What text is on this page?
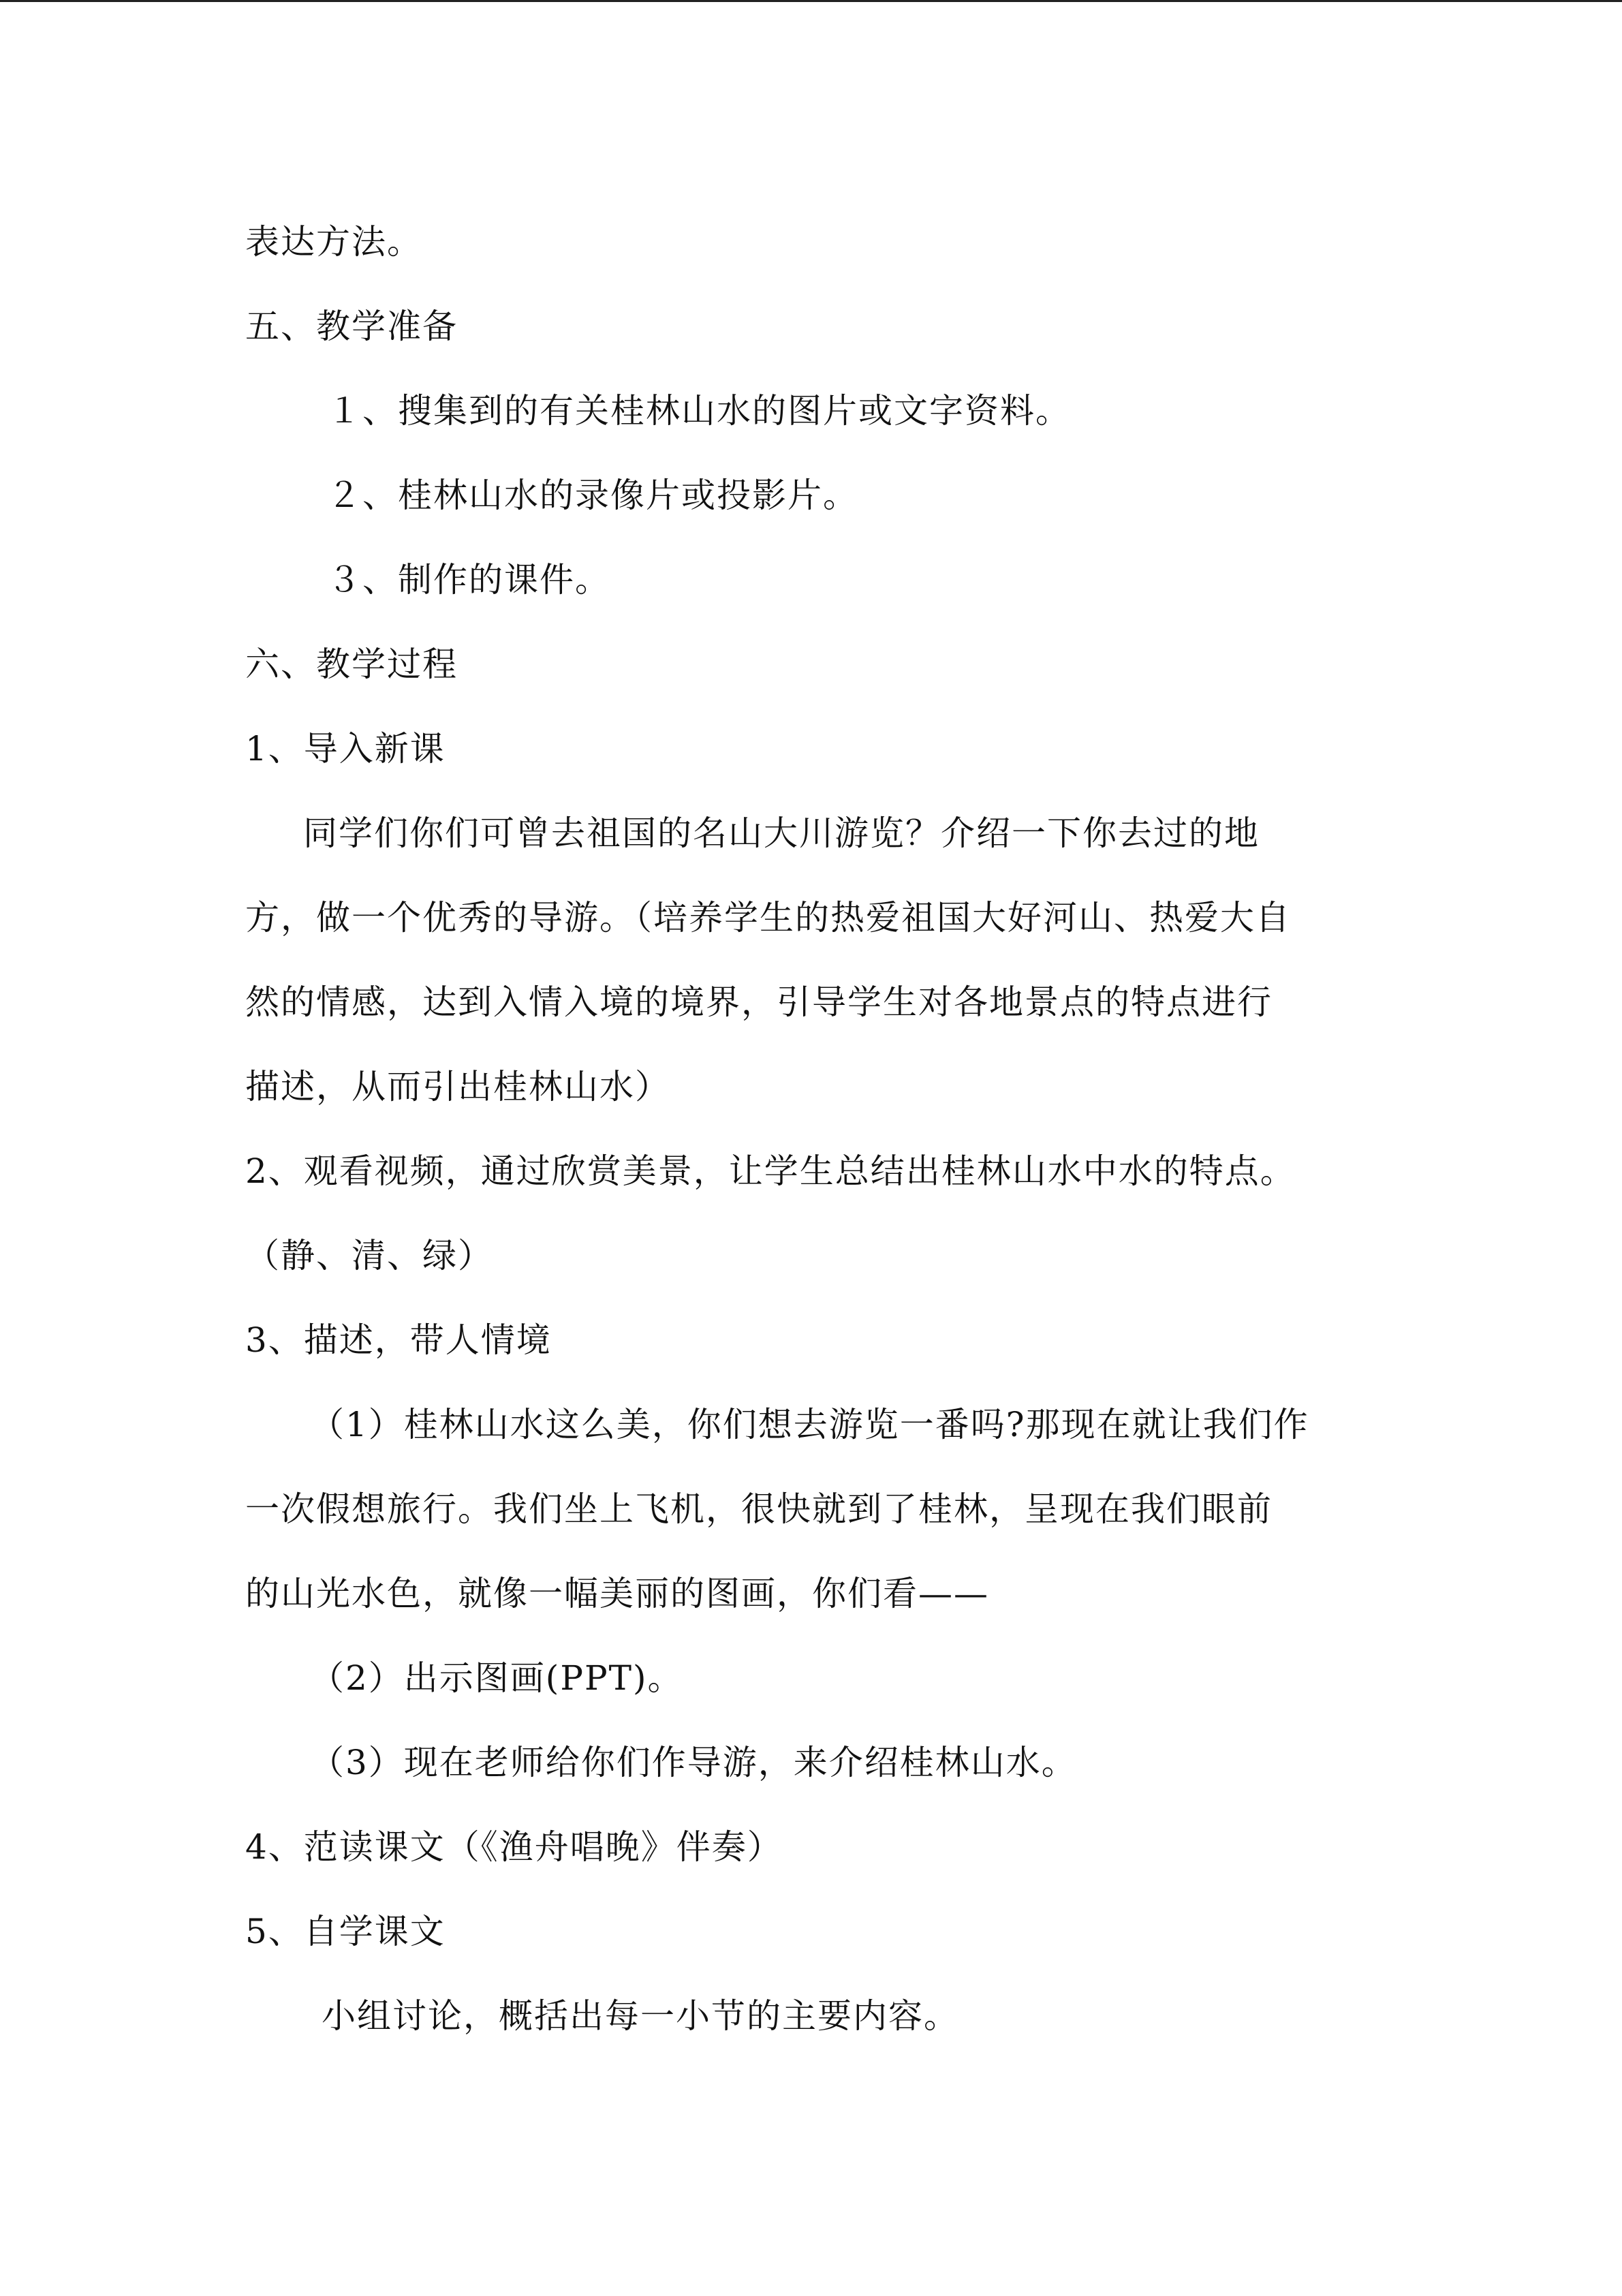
表达方法。
五、教学准备
１、搜集到的有关桂林山水的图片或文字资料。
２、桂林山水的录像片或投影片。
３、制作的课件。
六、教学过程
1、导入新课
同学们你们可曾去祖国的名山大川游览？介绍一下你去过的地
方，做一个优秀的导游。（培养学生的热爱祖国大好河山、热爱大自
然的情感，达到入情入境的境界，引导学生对各地景点的特点进行
描述，从而引出桂林山水）
2、观看视频，通过欣赏美景，让学生总结出桂林山水中水的特点。
（静、清、绿）
3、描述，带人情境
（1）桂林山水这么美，你们想去游览一番吗?那现在就让我们作
一次假想旅行。我们坐上飞机，很快就到了桂林，呈现在我们眼前
的山光水色，就像一幅美丽的图画，你们看——
（2）出示图画(PPT)。
（3）现在老师给你们作导游，来介绍桂林山水。
4、范读课文（《渔舟唱晚》伴奏）
5、自学课文
小组讨论，概括出每一小节的主要内容。
